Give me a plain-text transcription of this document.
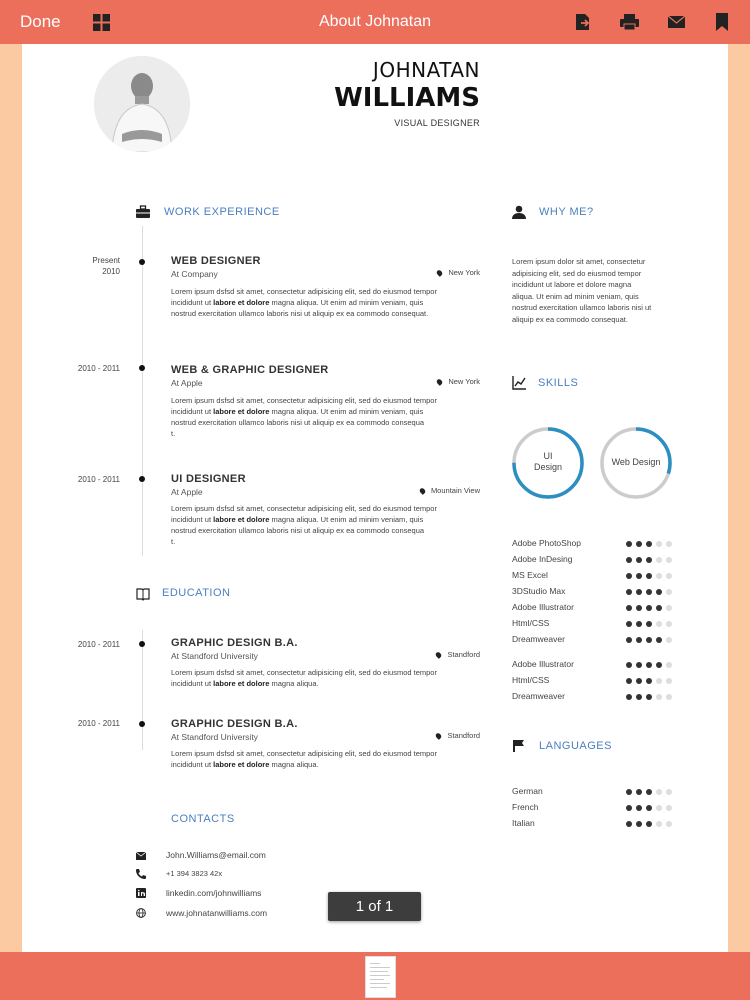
Done	About Johnatan
JOHNATAN
WILLIAMS
VISUAL DESIGNER
WORK EXPERIENCE
Present
2010
WEB DESIGNER
At Company	New York
Lorem ipsum dsfsd sit amet, consectetur adipisicing elit, sed do eiusmod tempor
incididunt ut labore et dolore magna aliqua. Ut enim ad minim veniam, quis
nostrud exercitation ullamco laboris nisi ut aliquip ex ea commodo consequat.
2010 - 2011	WEB & GRAPHIC DESIGNER
At Apple	New York
Lorem ipsum dsfsd sit amet, consectetur adipisicing elit, sed do eiusmod tempor
incididunt ut labore et dolore magna aliqua. Ut enim ad minim veniam, quis
nostrud exercitation ullamco laboris nisi ut aliquip ex ea commodo consequa
t.
2010 - 2011	UI DESIGNER
At Apple	Mountain View
Lorem ipsum dsfsd sit amet, consectetur adipisicing elit, sed do eiusmod tempor
incididunt ut labore et dolore magna aliqua. Ut enim ad minim veniam, quis
nostrud exercitation ullamco laboris nisi ut aliquip ex ea commodo consequa
t.
EDUCATION
2010 - 2011	GRAPHIC DESIGN B.A.
At Standford University	Standford
Lorem ipsum dsfsd sit amet, consectetur adipisicing elit, sed do eiusmod tempor
incididunt ut labore et dolore magna aliqua.
2010 - 2011	GRAPHIC DESIGN B.A.
At Standford University	Standford
Lorem ipsum dsfsd sit amet, consectetur adipisicing elit, sed do eiusmod tempor
incididunt ut labore et dolore magna aliqua.
CONTACTS
John.Williams@email.com
+1 394 3823 42x
linkedin.com/johnwilliams
www.johnatanwilliams.com
WHY ME?
Lorem ipsum dolor sit amet, consectetur
adipisicing elit, sed do eiusmod tempor
incididunt ut labore et dolore magna
aliqua. Ut enim ad minim veniam, quis
nostrud exercitation ullamco laboris nisi ut
aliquip ex ea commodo consequat.
SKILLS
UI
Design	Web Design
Adobe PhotoShop
Adobe InDesing
MS Excel
3DStudio Max
Adobe Illustrator
Html/CSS
Dreamweaver
Adobe Illustrator
Html/CSS
Dreamweaver
LANGUAGES
German
French
Italian
1 of 1
